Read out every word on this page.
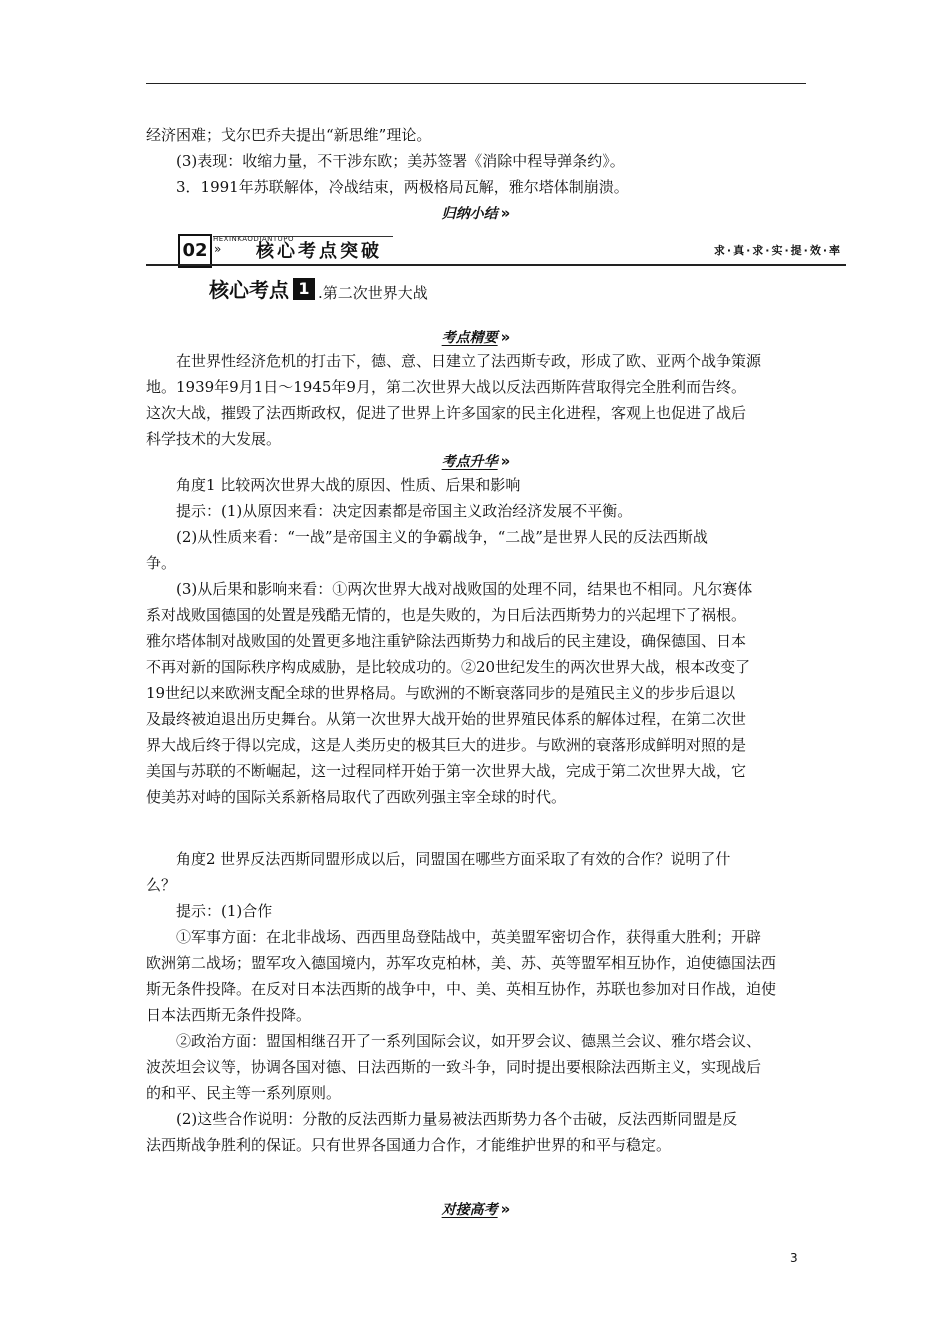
经济困难；戈尔巴乔夫提出“新思维”理论。
(3)表现：收缩力量，不干涉东欧；美苏签署《消除中程导弹条约》。
3．1991年苏联解体，冷战结束，两极格局瓦解，雅尔塔体制崩溃。
归纳小结 »
HEXINKAODIANTUPO
02 » 核心考点突破	求·真·求·实·提·效·率
核心考点 1 .第二次世界大战
考点精要 »
在世界性经济危机的打击下，德、意、日建立了法西斯专政，形成了欧、亚两个战争策源
地。1939年9月1日～1945年9月，第二次世界大战以反法西斯阵营取得完全胜利而告终。
这次大战，摧毁了法西斯政权，促进了世界上许多国家的民主化进程，客观上也促进了战后
科学技术的大发展。
考点升华 »
角度1 比较两次世界大战的原因、性质、后果和影响
提示：(1)从原因来看：决定因素都是帝国主义政治经济发展不平衡。
(2)从性质来看：“一战”是帝国主义的争霸战争，“二战”是世界人民的反法西斯战
争。
(3)从后果和影响来看：①两次世界大战对战败国的处理不同，结果也不相同。凡尔赛体
系对战败国德国的处置是残酷无情的，也是失败的，为日后法西斯势力的兴起埋下了祸根。
雅尔塔体制对战败国的处置更多地注重铲除法西斯势力和战后的民主建设，确保德国、日本
不再对新的国际秩序构成威胁，是比较成功的。②20世纪发生的两次世界大战，根本改变了
19世纪以来欧洲支配全球的世界格局。与欧洲的不断衰落同步的是殖民主义的步步后退以
及最终被迫退出历史舞台。从第一次世界大战开始的世界殖民体系的解体过程，在第二次世
界大战后终于得以完成，这是人类历史的极其巨大的进步。与欧洲的衰落形成鲜明对照的是
美国与苏联的不断崛起，这一过程同样开始于第一次世界大战，完成于第二次世界大战，它
使美苏对峙的国际关系新格局取代了西欧列强主宰全球的时代。
角度2 世界反法西斯同盟形成以后，同盟国在哪些方面采取了有效的合作？说明了什
么？
提示：(1)合作
①军事方面：在北非战场、西西里岛登陆战中，英美盟军密切合作，获得重大胜利；开辟
欧洲第二战场；盟军攻入德国境内，苏军攻克柏林，美、苏、英等盟军相互协作，迫使德国法西
斯无条件投降。在反对日本法西斯的战争中，中、美、英相互协作，苏联也参加对日作战，迫使
日本法西斯无条件投降。
②政治方面：盟国相继召开了一系列国际会议，如开罗会议、德黑兰会议、雅尔塔会议、
波茨坦会议等，协调各国对德、日法西斯的一致斗争，同时提出要根除法西斯主义，实现战后
的和平、民主等一系列原则。
(2)这些合作说明：分散的反法西斯力量易被法西斯势力各个击破，反法西斯同盟是反
法西斯战争胜利的保证。只有世界各国通力合作，才能维护世界的和平与稳定。
对接高考 »
3
